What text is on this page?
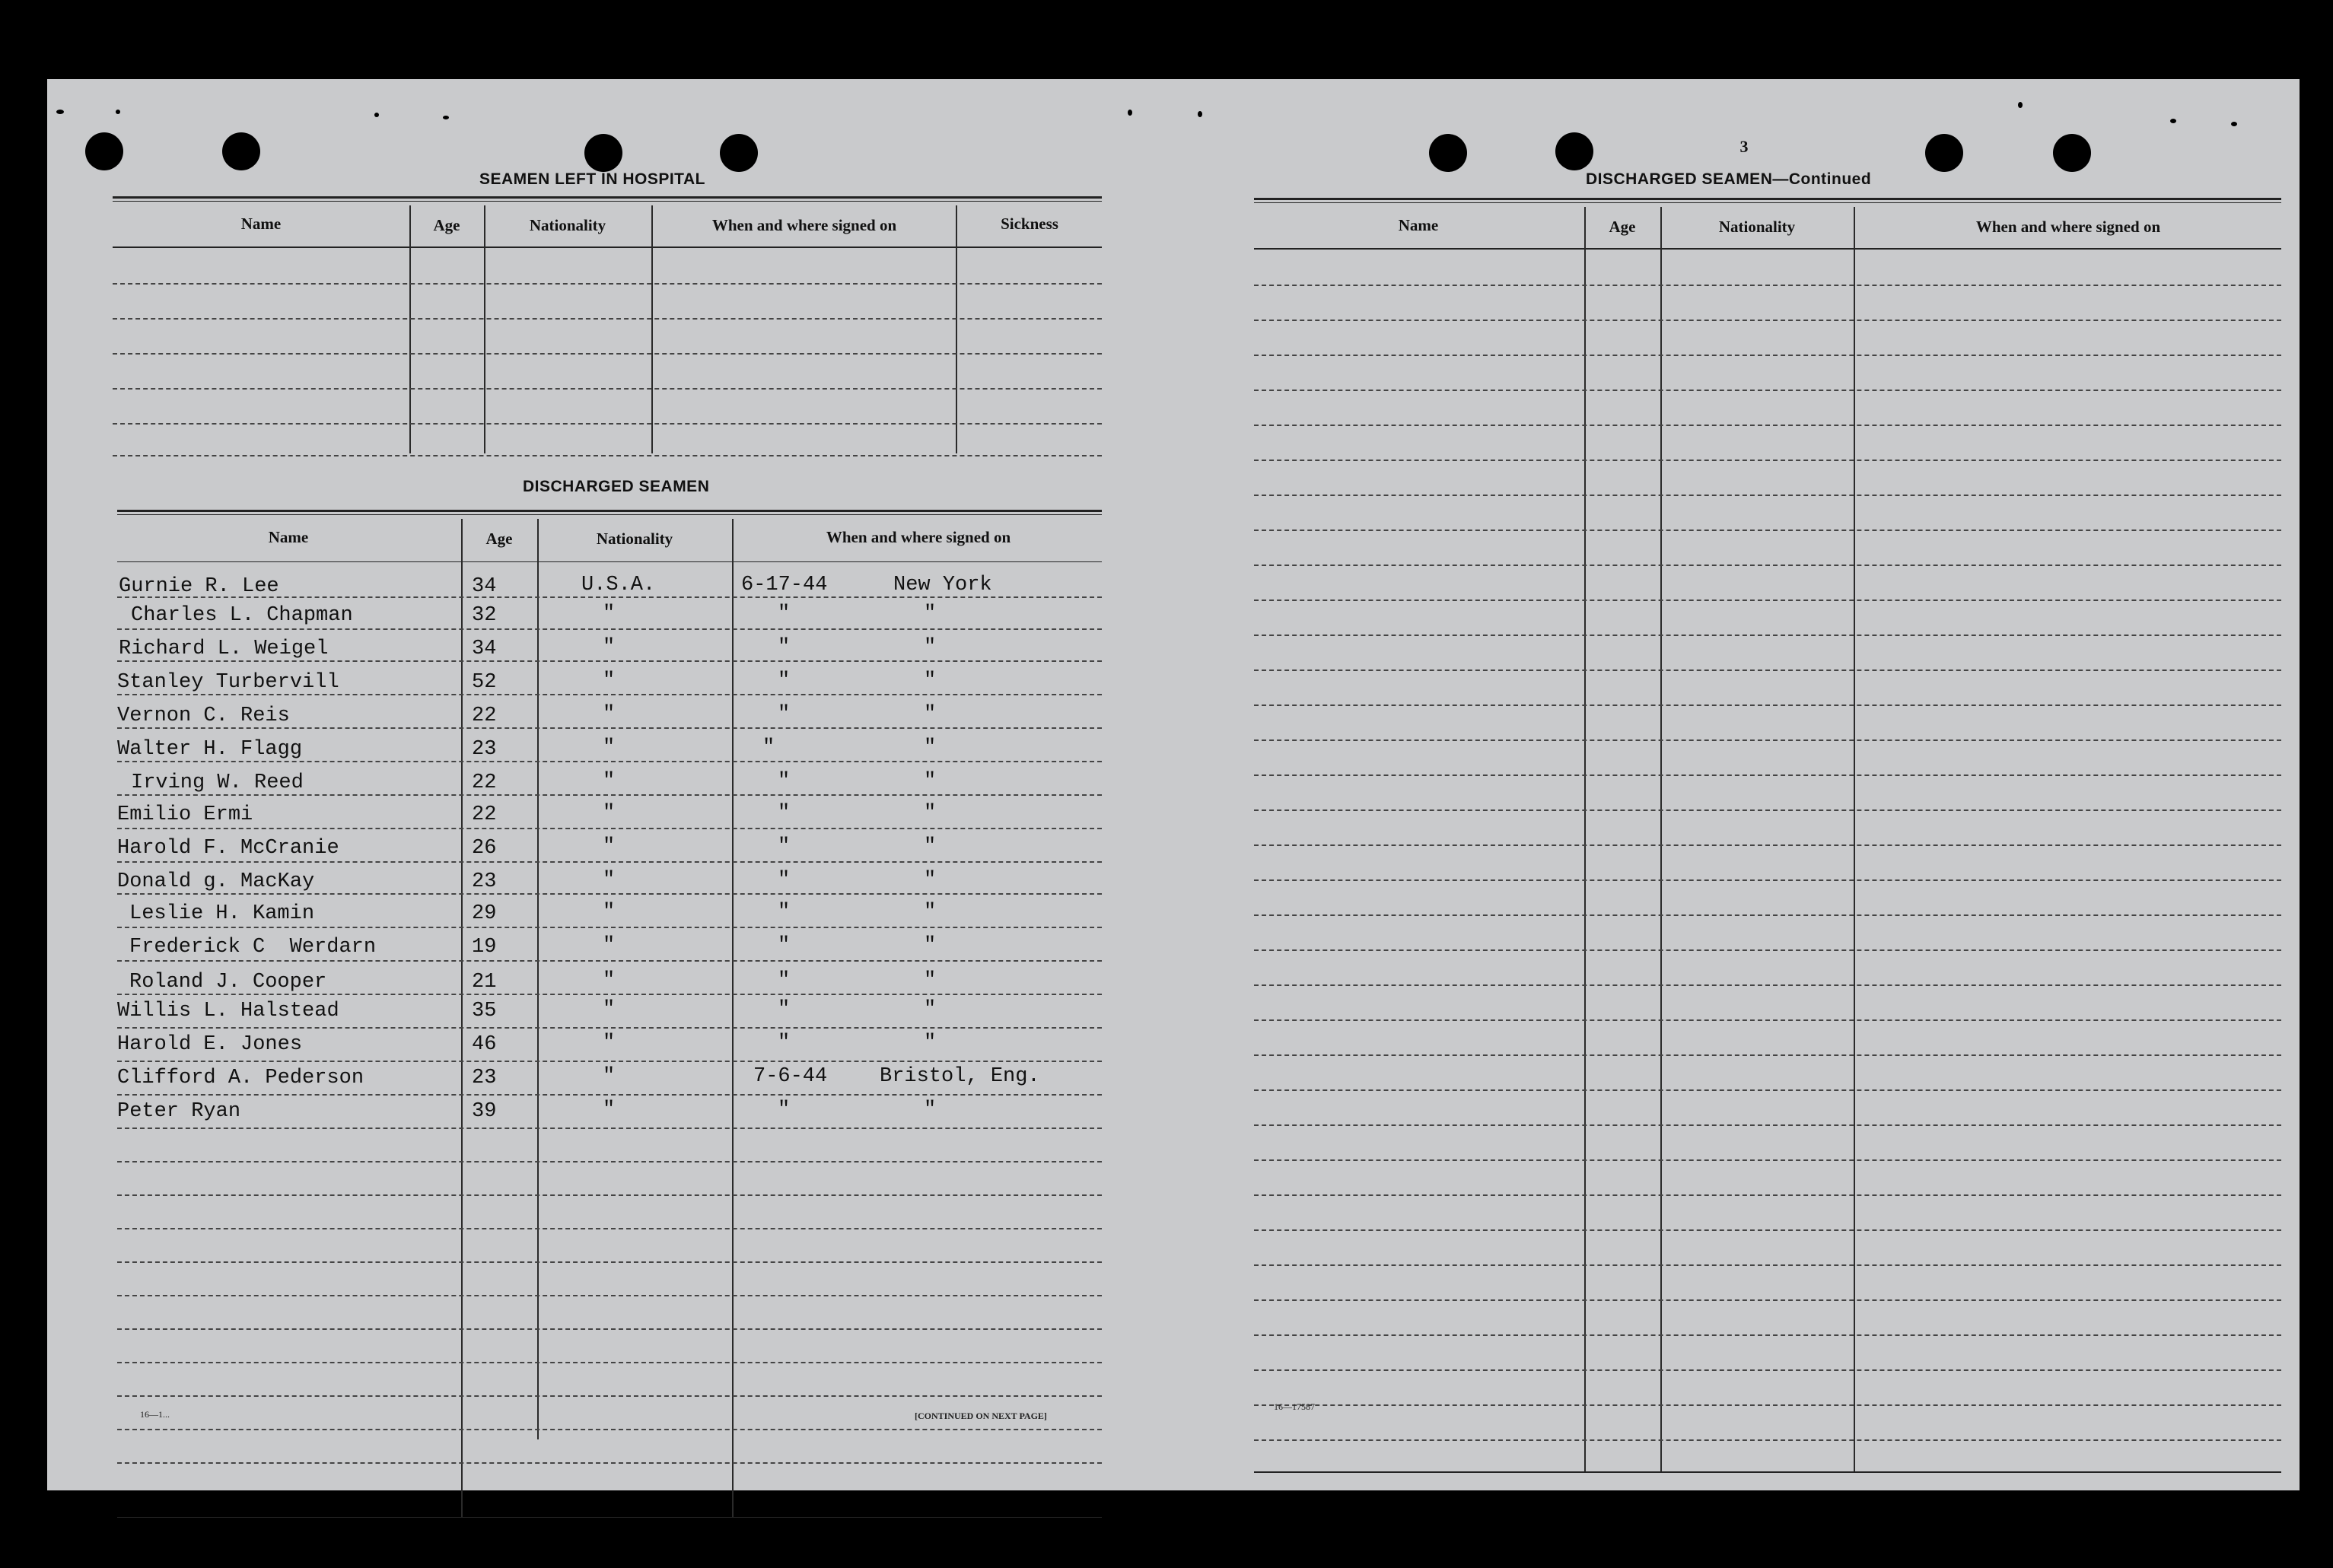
SEAMEN LEFT IN HOSPITAL
Name	Age	Nationality	When and where signed on	Sickness
DISCHARGED SEAMEN
Name	Age	Nationality	When and where signed on
16—1...	[CONTINUED ON NEXT PAGE]
Gurnie R. Lee	34	U.S.A.	6-17-44	New York
Charles L. Chapman	32	"	"	"
Richard L. Weigel	34	"	"	"
Stanley Turbervill	52	"	"	"
Vernon C. Reis	22	"	"	"
Walter H. Flagg	23	"	"	"
Irving W. Reed	22	"	"	"
Emilio Ermi	22	"	"	"
Harold F. McCranie	26	"	"	"
Donald g. MacKay	23	"	"	"
Leslie H. Kamin	29	"	"	"
Frederick C  Werdarn	19	"	"	"
Roland J. Cooper	21	"	"	"
Willis L. Halstead	35	"	"	"
Harold E. Jones	46	"	"	"
Clifford A. Pederson	23	"	7-6-44	Bristol, Eng.
Peter Ryan	39	"	"	"
3
DISCHARGED SEAMEN—Continued
Name	Age	Nationality	When and where signed on
16—17587
